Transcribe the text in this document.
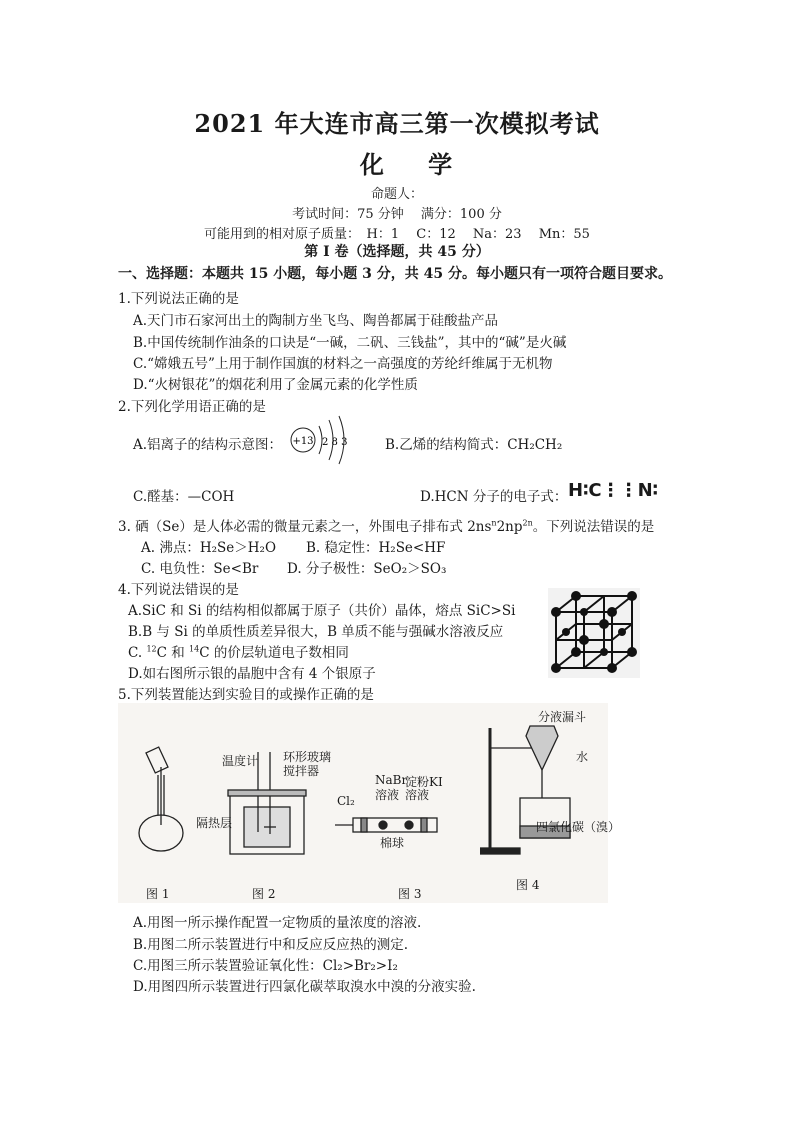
2021 年大连市高三第一次模拟考试
化 学
命题人：
考试时间：75 分钟　 满分：100 分
可能用到的相对原子质量：　H：1　 C：12　 Na：23　 Mn：55
第 I 卷（选择题，共 45 分）
一、选择题：本题共 15 小题，每小题 3 分，共 45 分。每小题只有一项符合题目要求。
1.下列说法正确的是
A.天门市石家河出土的陶制方坐飞鸟、陶兽都属于硅酸盐产品
B.中国传统制作油条的口诀是“一碱，二矾、三钱盐”，其中的“碱”是火碱
C.“嫦娥五号”上用于制作国旗的材料之一高强度的芳纶纤维属于无机物
D.“火树银花”的烟花利用了金属元素的化学性质
2.下列化学用语正确的是
A.铝离子的结构示意图： +13 2 8 3	B.乙烯的结构简式：CH₂CH₂
C.醛基：—COH	D.HCN 分子的电子式： H∶C⋮⋮N∶
3. 硒（Se）是人体必需的微量元素之一，外围电子排布式 $2ns^n2np^{2n}$。下列说法错误的是
A. 沸点：H₂Se＞H₂O B. 稳定性：H₂Se<HF
C. 电负性：Se<Br D. 分子极性：SeO₂＞SO₃
4.下列说法错误的是
A.SiC 和 Si 的结构相似都属于原子（共价）晶体，熔点 SiC>Si
B.B 与 Si 的单质性质差异很大，B 单质不能与强碱水溶液反应
C. $^{12}$C 和 $^{14}$C 的价层轨道电子数相同
D.如右图所示银的晶胞中含有 4 个银原子
5.下列装置能达到实验目的或操作正确的是
图 1
温度计 环形玻璃
搅拌器
隔热层
图 2
Cl₂
NaBr
溶液
淀粉KI
溶液
棉球
图 3
分液漏斗
水
四氯化碳（溴）
图 4
A.用图一所示操作配置一定物质的量浓度的溶液.
B.用图二所示装置进行中和反应反应热的测定.
C.用图三所示装置验证氧化性：Cl₂>Br₂>I₂
D.用图四所示装置进行四氯化碳萃取溴水中溴的分液实验.
